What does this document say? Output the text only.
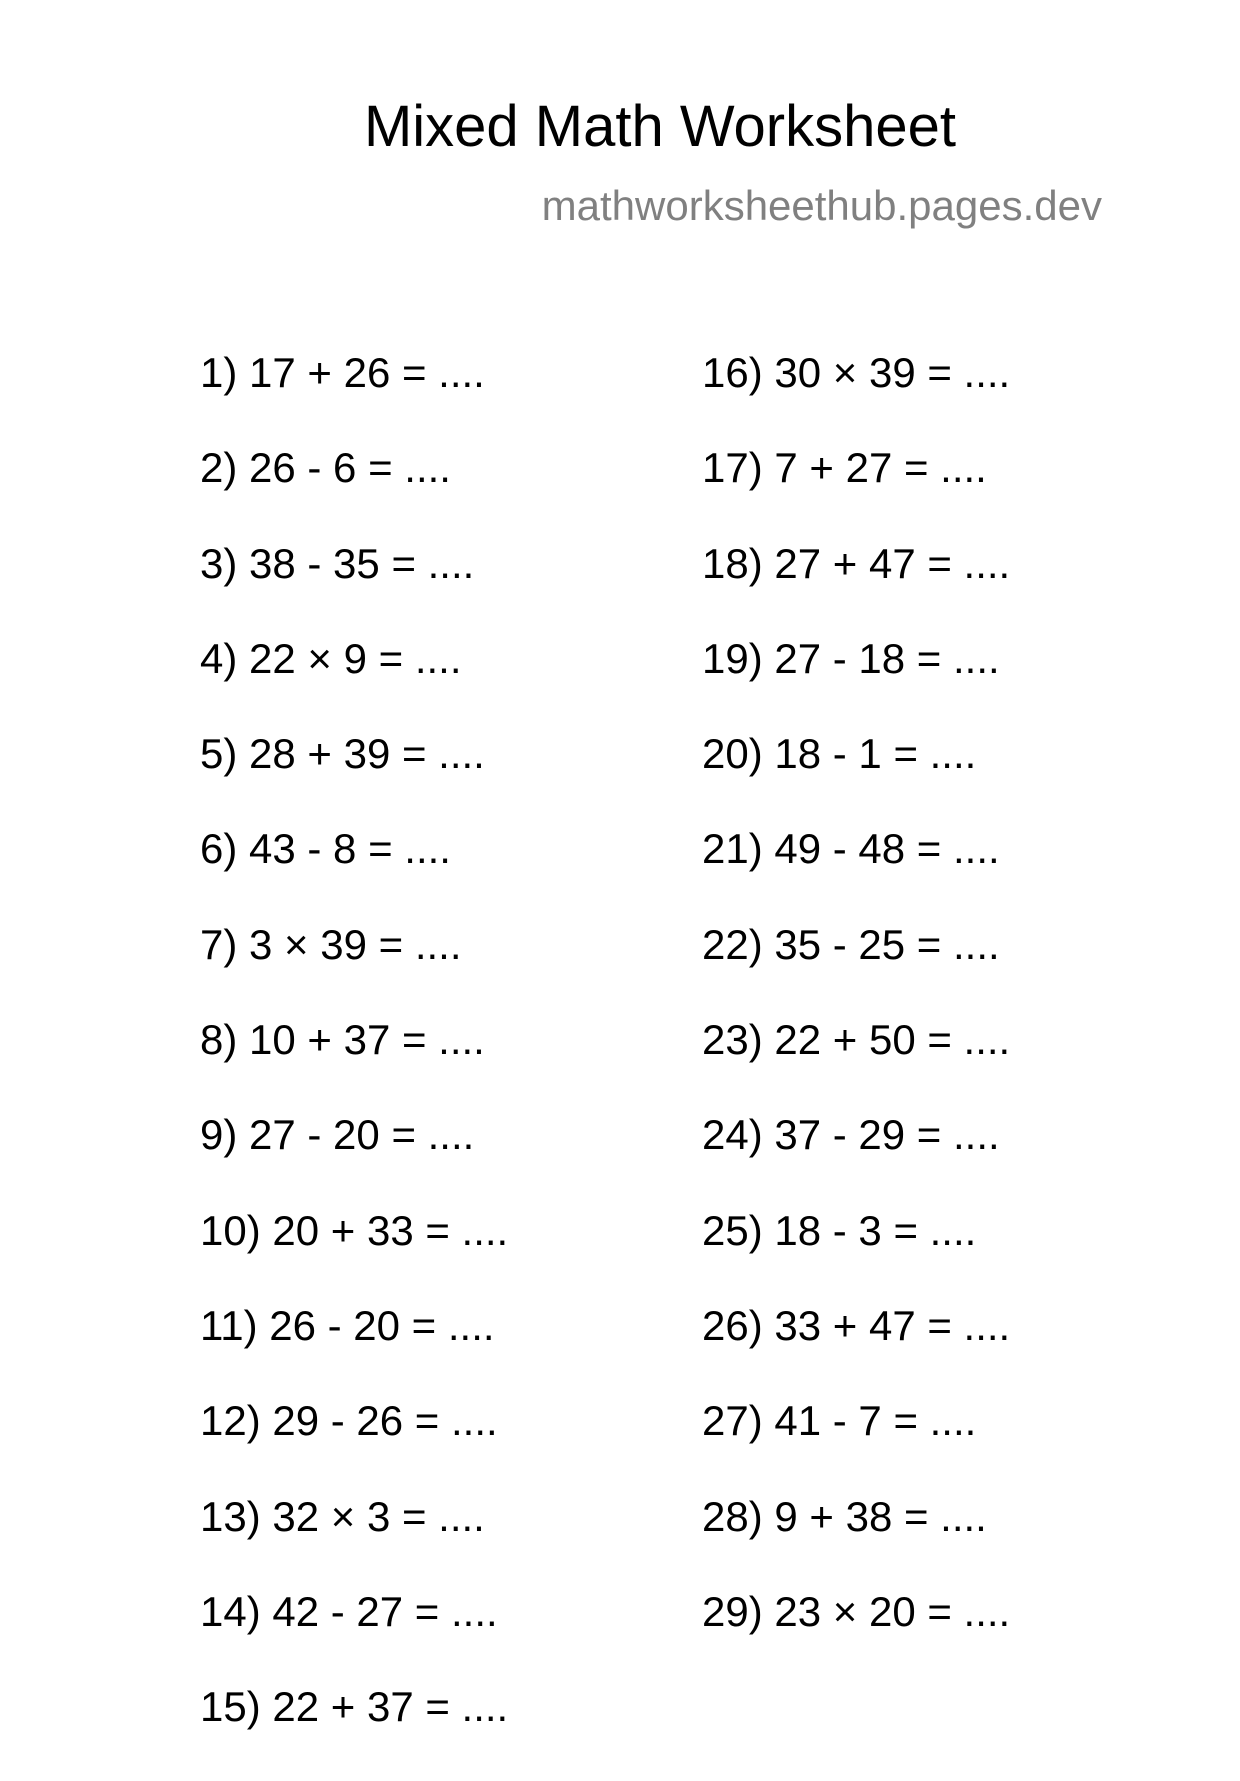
Mixed Math Worksheet
mathworksheethub.pages.dev
1) 17 + 26 = ....
2) 26 - 6 = ....
3) 38 - 35 = ....
4) 22 × 9 = ....
5) 28 + 39 = ....
6) 43 - 8 = ....
7) 3 × 39 = ....
8) 10 + 37 = ....
9) 27 - 20 = ....
10) 20 + 33 = ....
11) 26 - 20 = ....
12) 29 - 26 = ....
13) 32 × 3 = ....
14) 42 - 27 = ....
15) 22 + 37 = ....
16) 30 × 39 = ....
17) 7 + 27 = ....
18) 27 + 47 = ....
19) 27 - 18 = ....
20) 18 - 1 = ....
21) 49 - 48 = ....
22) 35 - 25 = ....
23) 22 + 50 = ....
24) 37 - 29 = ....
25) 18 - 3 = ....
26) 33 + 47 = ....
27) 41 - 7 = ....
28) 9 + 38 = ....
29) 23 × 20 = ....
